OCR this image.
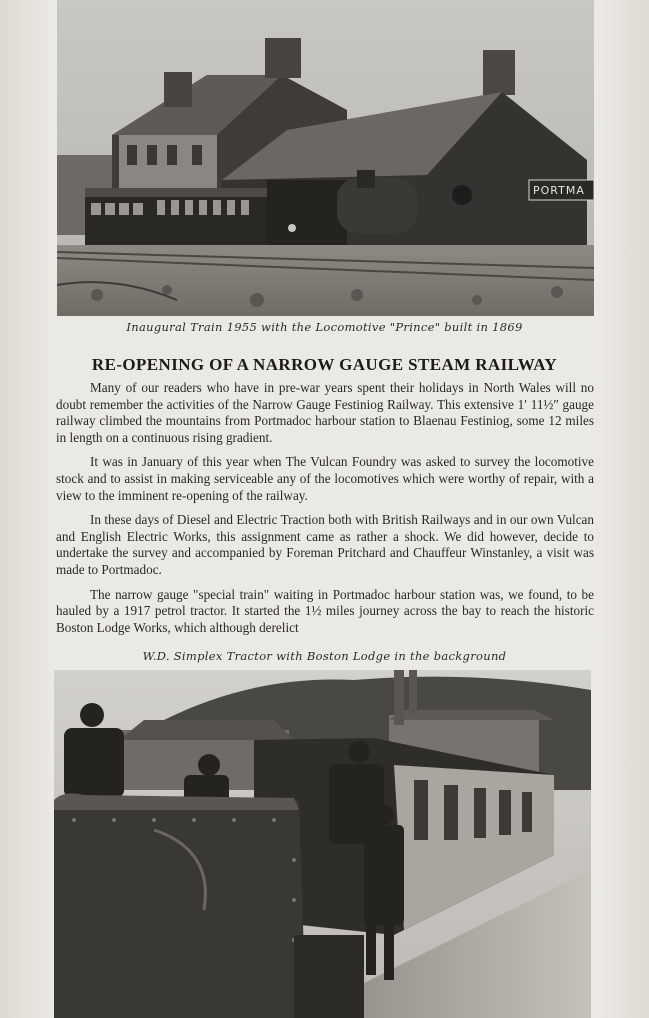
PORTMA
Inaugural Train 1955 with the Locomotive "Prince" built in 1869
RE-OPENING OF A NARROW GAUGE STEAM RAILWAY

Many of our readers who have in pre-war years spent their holidays in North Wales will no doubt remember the activities of the Narrow Gauge Festiniog Railway. This extensive 1′ 11½″ gauge railway climbed the mountains from Portmadoc harbour station to Blaenau Festiniog, some 12 miles in length on a continuous rising gradient.

It was in January of this year when The Vulcan Foundry was asked to survey the locomotive stock and to assist in making serviceable any of the locomotives which were worthy of repair, with a view to the imminent re-opening of the railway.

In these days of Diesel and Electric Traction both with British Railways and in our own Vulcan and English Electric Works, this assignment came as rather a shock. We did however, decide to undertake the survey and accompanied by Foreman Pritchard and Chauffeur Winstanley, a visit was made to Portmadoc.

The narrow gauge "special train" waiting in Portmadoc harbour station was, we found, to be hauled by a 1917 petrol tractor. It started the 1½ miles journey across the bay to reach the historic Boston Lodge Works, which although derelict

W.D. Simplex Tractor with Boston Lodge in the background
